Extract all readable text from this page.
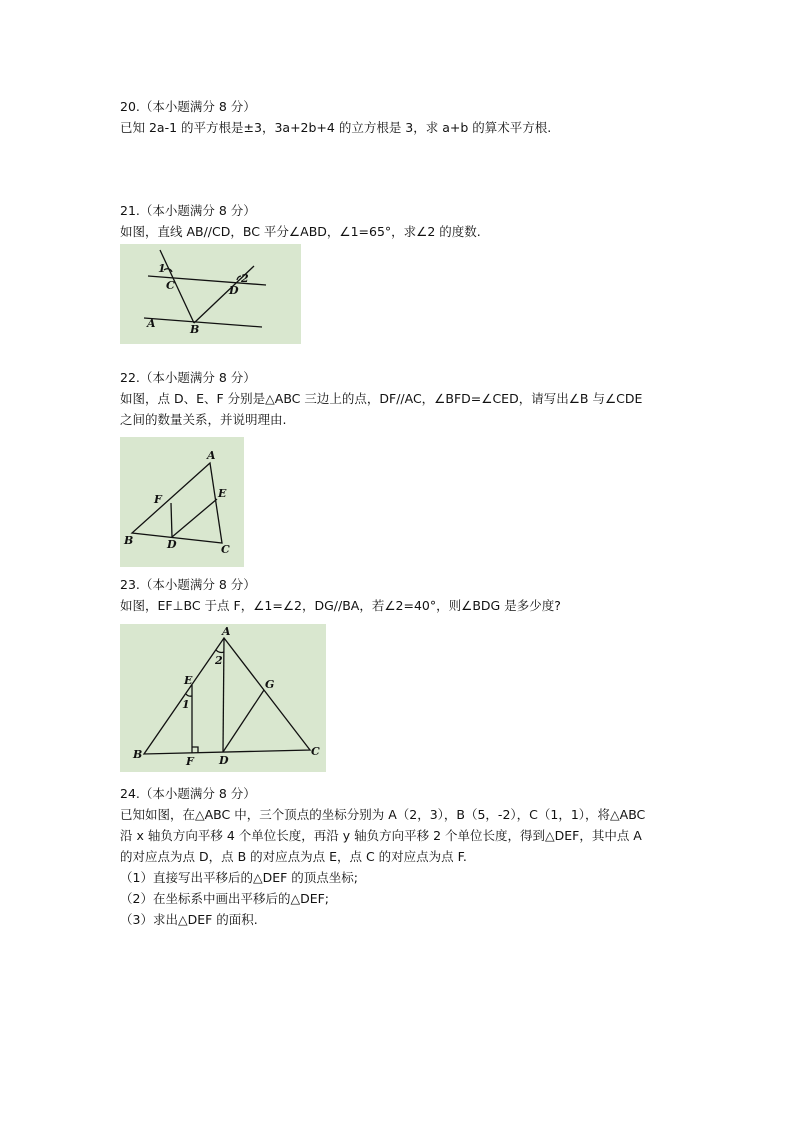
20.（本小题满分 8 分）
已知 2a-1 的平方根是±3，3a+2b+4 的立方根是 3，求 a+b 的算术平方根.
21.（本小题满分 8 分）
如图，直线 AB//CD，BC 平分∠ABD，∠1=65°，求∠2 的度数.
1
C
2
D
A	B
22.（本小题满分 8 分）
如图，点 D、E、F 分别是△ABC 三边上的点，DF//AC，∠BFD=∠CED，请写出∠B 与∠CDE
之间的数量关系，并说明理由.
A
E
F
B	D	C
23.（本小题满分 8 分）
如图，EF⊥BC 于点 F，∠1=∠2，DG//BA，若∠2=40°，则∠BDG 是多少度?
A
2
E
1
G
B
F D
C
24.（本小题满分 8 分）
已知如图，在△ABC 中，三个顶点的坐标分别为 A（2，3），B（5，-2），C（1，1），将△ABC
沿 x 轴负方向平移 4 个单位长度，再沿 y 轴负方向平移 2 个单位长度，得到△DEF，其中点 A
的对应点为点 D，点 B 的对应点为点 E，点 C 的对应点为点 F.
（1）直接写出平移后的△DEF 的顶点坐标;
（2）在坐标系中画出平移后的△DEF;
（3）求出△DEF 的面积.
